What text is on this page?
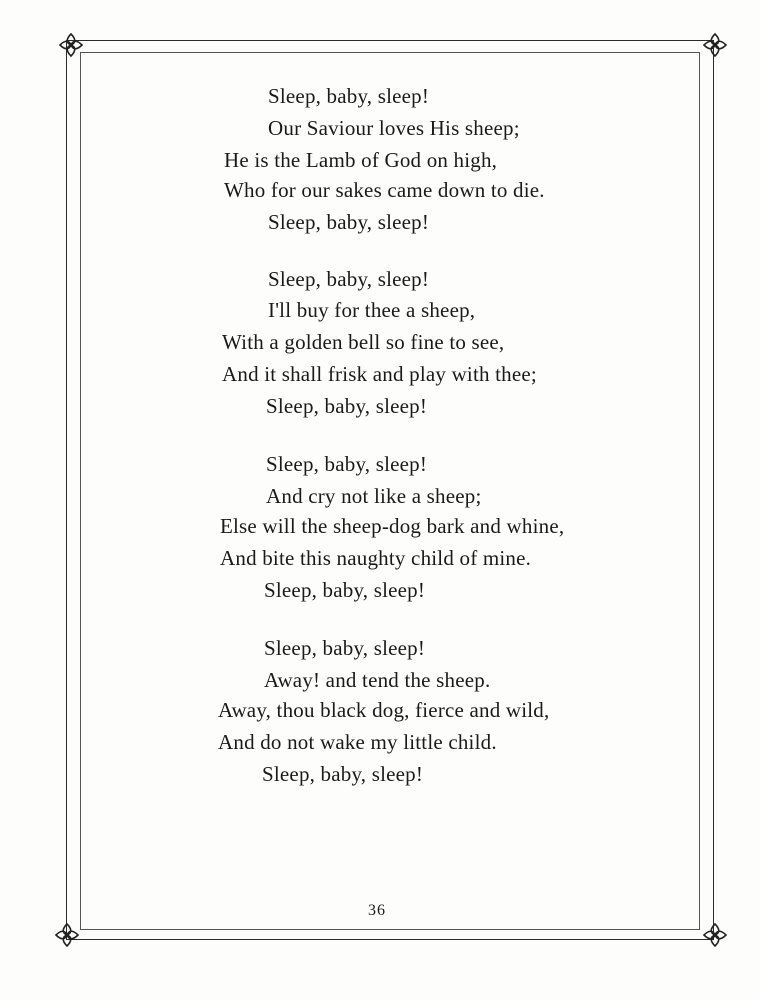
Sleep, baby, sleep!
Our Saviour loves His sheep;
He is the Lamb of God on high,
Who for our sakes came down to die.
Sleep, baby, sleep!
Sleep, baby, sleep!
I'll buy for thee a sheep,
With a golden bell so fine to see,
And it shall frisk and play with thee;
Sleep, baby, sleep!
Sleep, baby, sleep!
And cry not like a sheep;
Else will the sheep-dog bark and whine,
And bite this naughty child of mine.
Sleep, baby, sleep!
Sleep, baby, sleep!
Away! and tend the sheep.
Away, thou black dog, fierce and wild,
And do not wake my little child.
Sleep, baby, sleep!
36
